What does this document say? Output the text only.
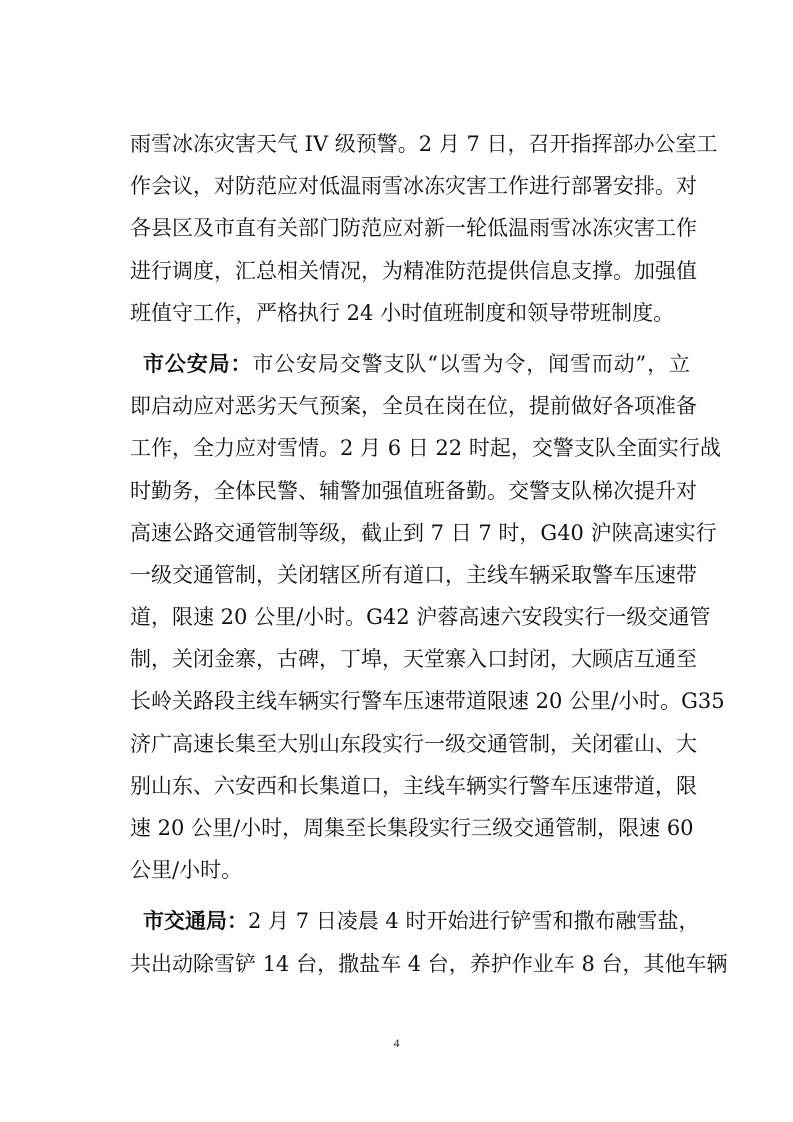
雨雪冰冻灾害天气 IV 级预警。2 月 7 日，召开指挥部办公室工
作会议，对防范应对低温雨雪冰冻灾害工作进行部署安排。对
各县区及市直有关部门防范应对新一轮低温雨雪冰冻灾害工作
进行调度，汇总相关情况，为精准防范提供信息支撑。加强值
班值守工作，严格执行 24 小时值班制度和领导带班制度。
市公安局：市公安局交警支队“以雪为令，闻雪而动”，立
即启动应对恶劣天气预案，全员在岗在位，提前做好各项准备
工作，全力应对雪情。2 月 6 日 22 时起，交警支队全面实行战
时勤务，全体民警、辅警加强值班备勤。交警支队梯次提升对
高速公路交通管制等级，截止到 7 日 7 时，G40 沪陕高速实行
一级交通管制，关闭辖区所有道口，主线车辆采取警车压速带
道，限速 20 公里/小时。G42 沪蓉高速六安段实行一级交通管
制，关闭金寨，古碑，丁埠，天堂寨入口封闭，大顾店互通至
长岭关路段主线车辆实行警车压速带道限速 20 公里/小时。G35
济广高速长集至大别山东段实行一级交通管制，关闭霍山、大
别山东、六安西和长集道口，主线车辆实行警车压速带道，限
速 20 公里/小时，周集至长集段实行三级交通管制，限速 60
公里/小时。
市交通局：2 月 7 日凌晨 4 时开始进行铲雪和撒布融雪盐，
共出动除雪铲 14 台，撒盐车 4 台，养护作业车 8 台，其他车辆
4
